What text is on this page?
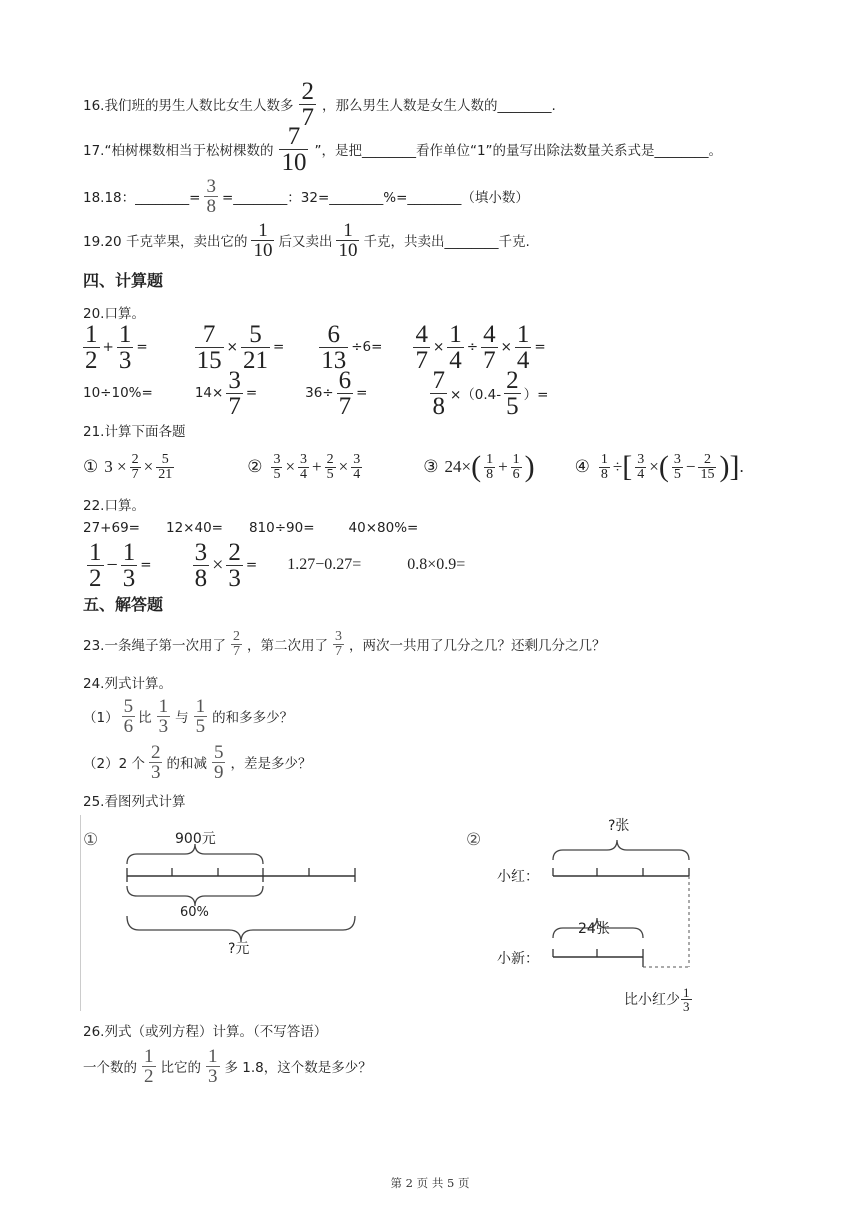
16.我们班的男生人数比女生人数多
2
7 ，那么男生人数是女生人数的________.
17.“柏树棵数相当于松树棵数的
7
10 ”，是把________看作单位“1”的量写出除法数量关系式是________。
18.18：________=
3
8 =________：32=________%=________（填小数）
19.20 千克苹果，卖出它的
1
10 后又卖出
1
10 千克，共卖出________千克.
四、计算题
20.口算。
1
2 + 1
3 = 7
15 × 5
21 = 6
13 ÷6= 4
7 × 1
4 ÷ 4
7 × 1
4 =
10÷10%=	14× 3
7 =	36÷ 6
7 =	7
8 ×（0.4-
2
5 ）=
21.计算下面各题
① 3 × 2
7 × 5
21	② 3
5 × 3
4 + 2
5 × 3
4	③ 24× ( 1
8 + 1
6 ) ④ 1
8 ÷ [ 3
4 × ( 3
5 − 2
15 ) ] .
22.口算。
27+69= 12×40= 810÷90=	40×80%=
1
2 − 1
3 = 3
8 × 2
3 = 1.27−0.27=	0.8×0.9=
五、解答题
23.一条绳子第一次用了
2
7 ，第二次用了
3
7 ，两次一共用了几分之几？还剩几分之几？
24.列式计算。
（1）
5
6 比
1
3 与
1
5 的和多多少？
（2）2 个
2
3 的和减
5
9 ，差是多少？
25.看图列式计算
①	900元
60%
?元
②
?张
小红：
24张
小新：
比小红少 1
3
26.列式（或列方程）计算。（不写答语）
一个数的
1
2 比它的
1
3 多 1.8，这个数是多少？
第 2 页 共 5 页
